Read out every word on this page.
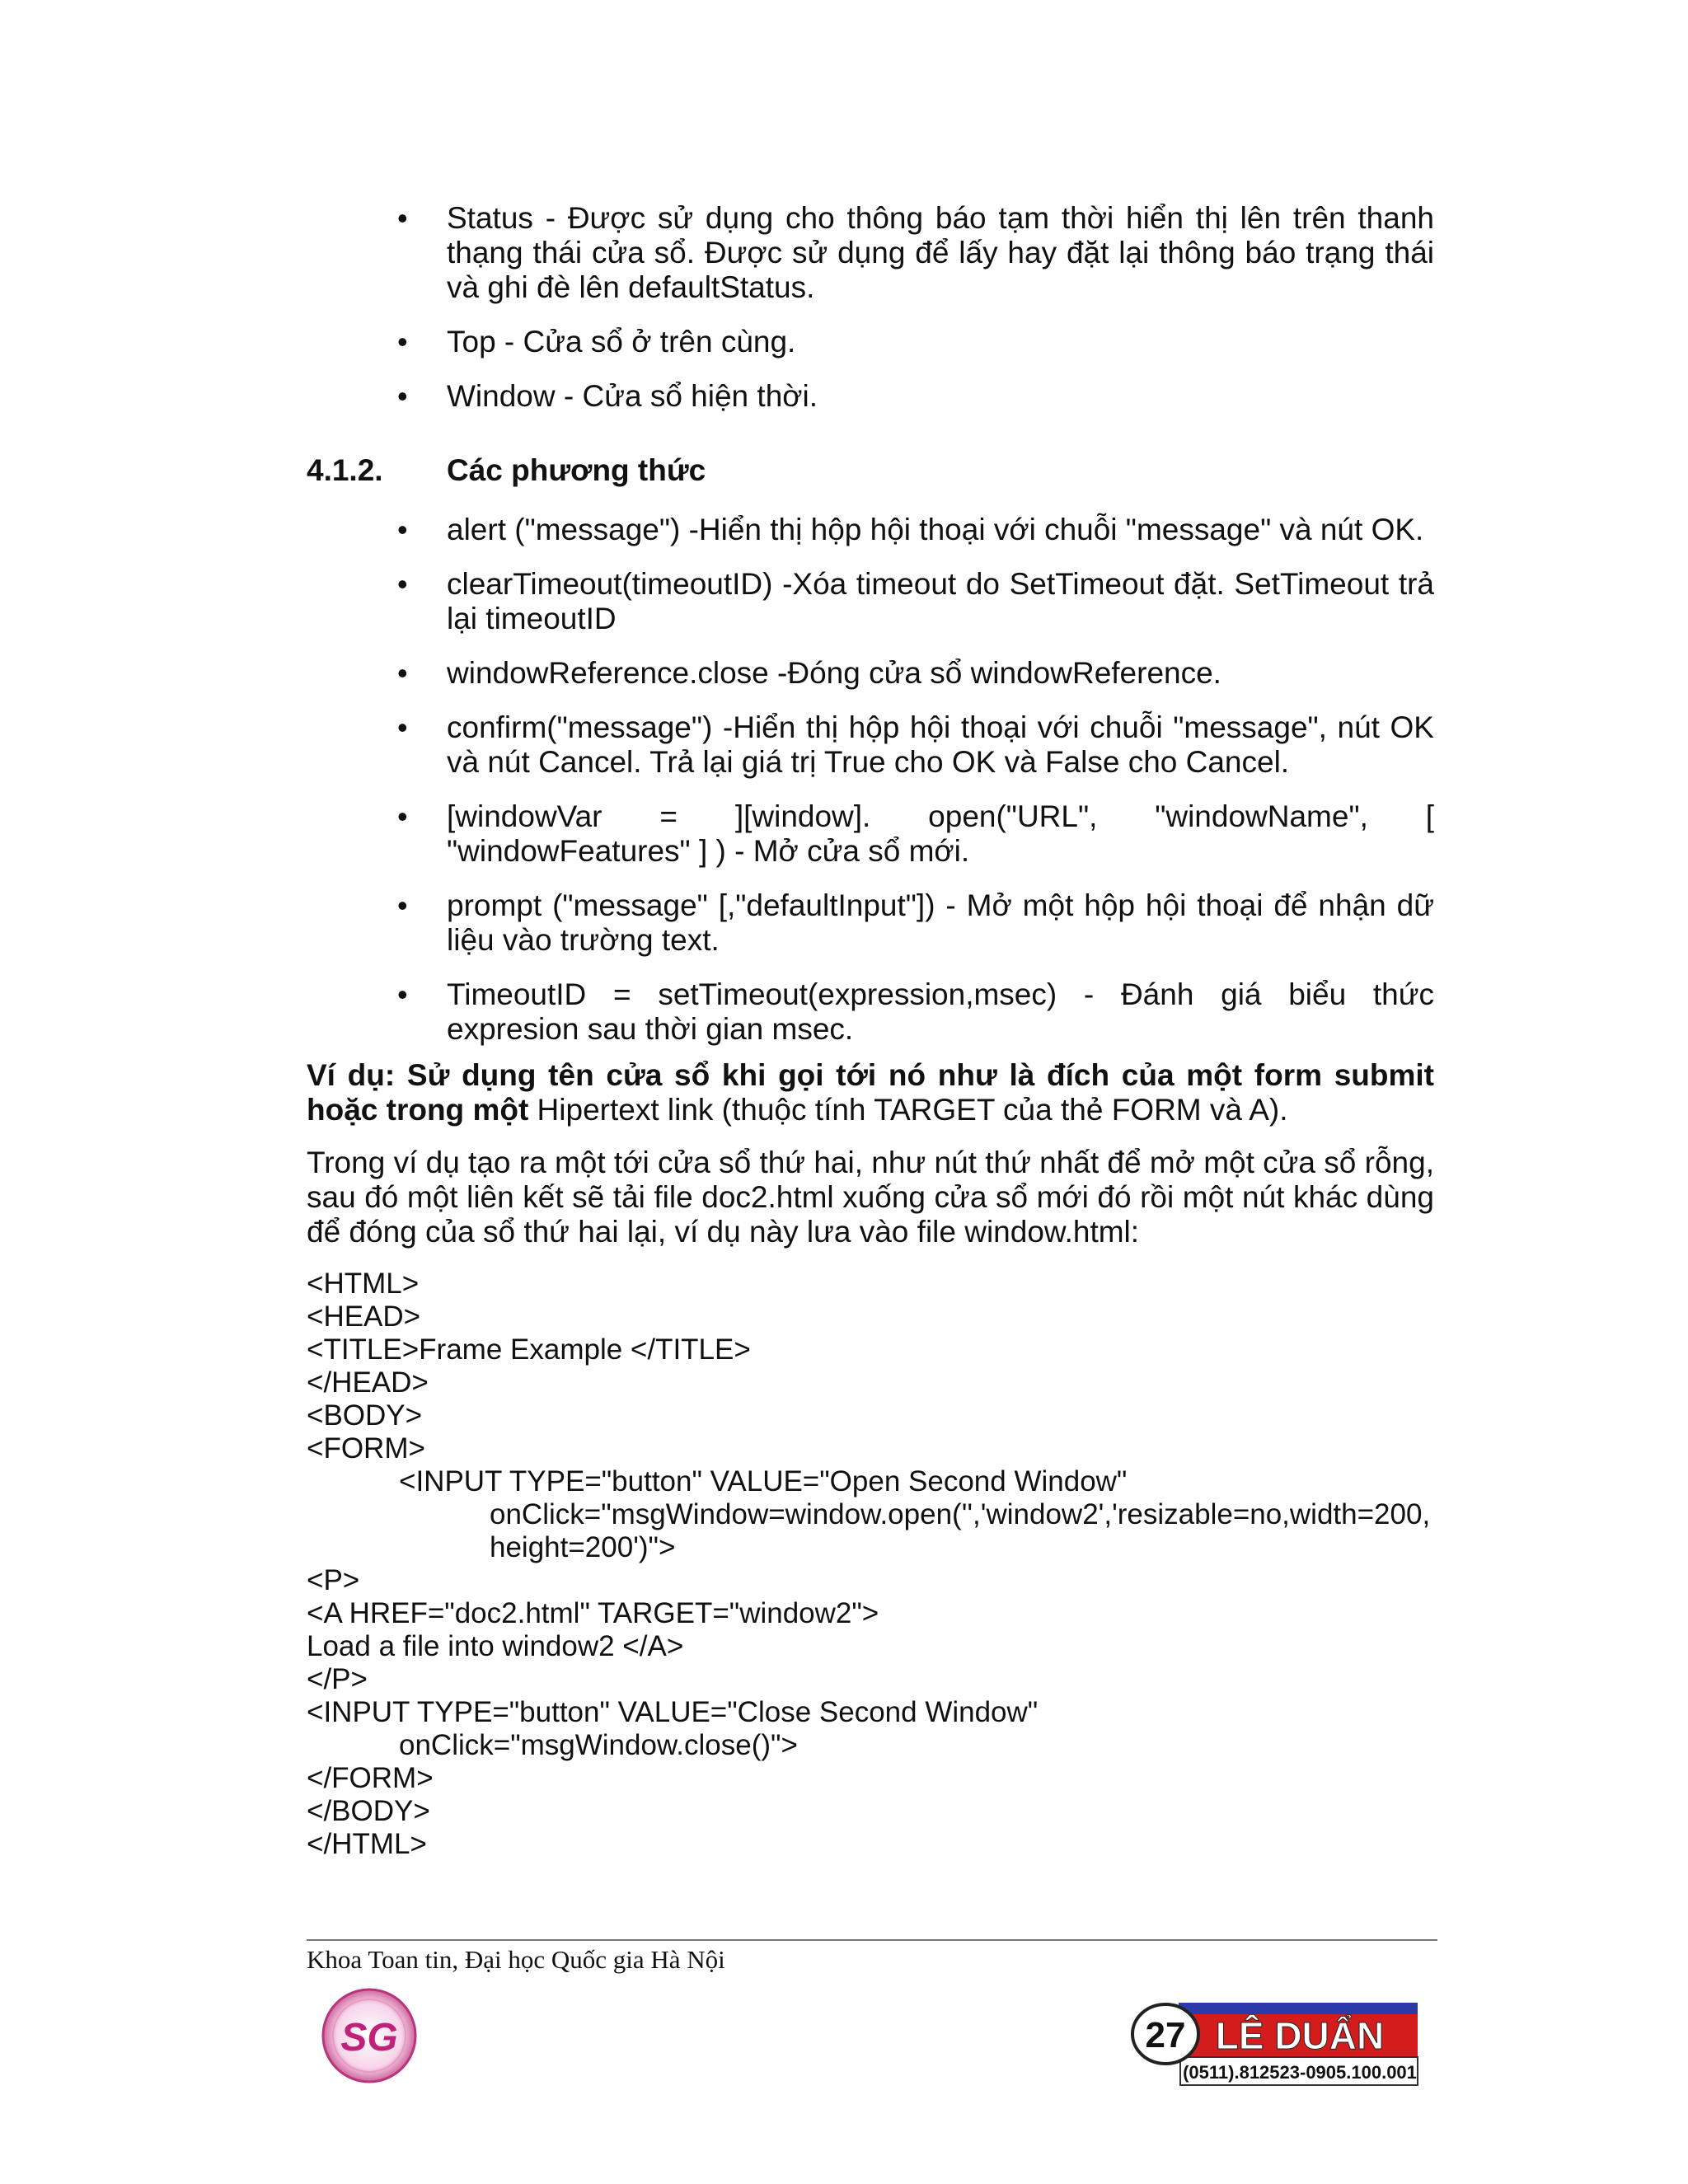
• Status - Được sử dụng cho thông báo tạm thời hiển thị lên trên thanh thạng thái cửa sổ. Được sử dụng để lấy hay đặt lại thông báo trạng thái và ghi đè lên defaultStatus.
• Top - Cửa sổ ở trên cùng.
• Window - Cửa sổ hiện thời.
4.1.2.	Các phương thức
• alert ("message") -Hiển thị hộp hội thoại với chuỗi "message" và nút OK.
• clearTimeout(timeoutID) -Xóa timeout do SetTimeout đặt. SetTimeout trả lại timeoutID
• windowReference.close -Đóng cửa sổ windowReference.
• confirm("message") -Hiển thị hộp hội thoại với chuỗi "message", nút OK và nút Cancel. Trả lại giá trị True cho OK và False cho Cancel.
• [windowVar = ][window]. open("URL", "windowName", [ "windowFeatures" ] ) - Mở cửa sổ mới.
• prompt ("message" [,"defaultInput"]) - Mở một hộp hội thoại để nhận dữ liệu vào trường text.
• TimeoutID = setTimeout(expression,msec) - Đánh giá biểu thức expresion sau thời gian msec.

Ví dụ: Sử dụng tên cửa sổ khi gọi tới nó như là đích của một form submit hoặc trong một Hipertext link (thuộc tính TARGET của thẻ FORM và A).

Trong ví dụ tạo ra một tới cửa sổ thứ hai, như nút thứ nhất để mở một cửa sổ rỗng, sau đó một liên kết sẽ tải file doc2.html xuống cửa sổ mới đó rồi một nút khác dùng để đóng của sổ thứ hai lại, ví dụ này lưa vào file window.html:

<HTML>
<HEAD>
<TITLE>Frame Example </TITLE>
</HEAD>
<BODY>
<FORM>
<INPUT TYPE="button" VALUE="Open Second Window"
onClick="msgWindow=window.open('','window2','resizable=no,width=200,
height=200')">
<P>
<A HREF="doc2.html" TARGET="window2">
Load a file into window2 </A>
</P>
<INPUT TYPE="button" VALUE="Close Second Window"
onClick="msgWindow.close()">
</FORM>
</BODY>
</HTML>
Khoa Toan tin, Đại học Quốc gia Hà Nội
SG	27 LÊ DUẨN
(0511).812523-0905.100.001
